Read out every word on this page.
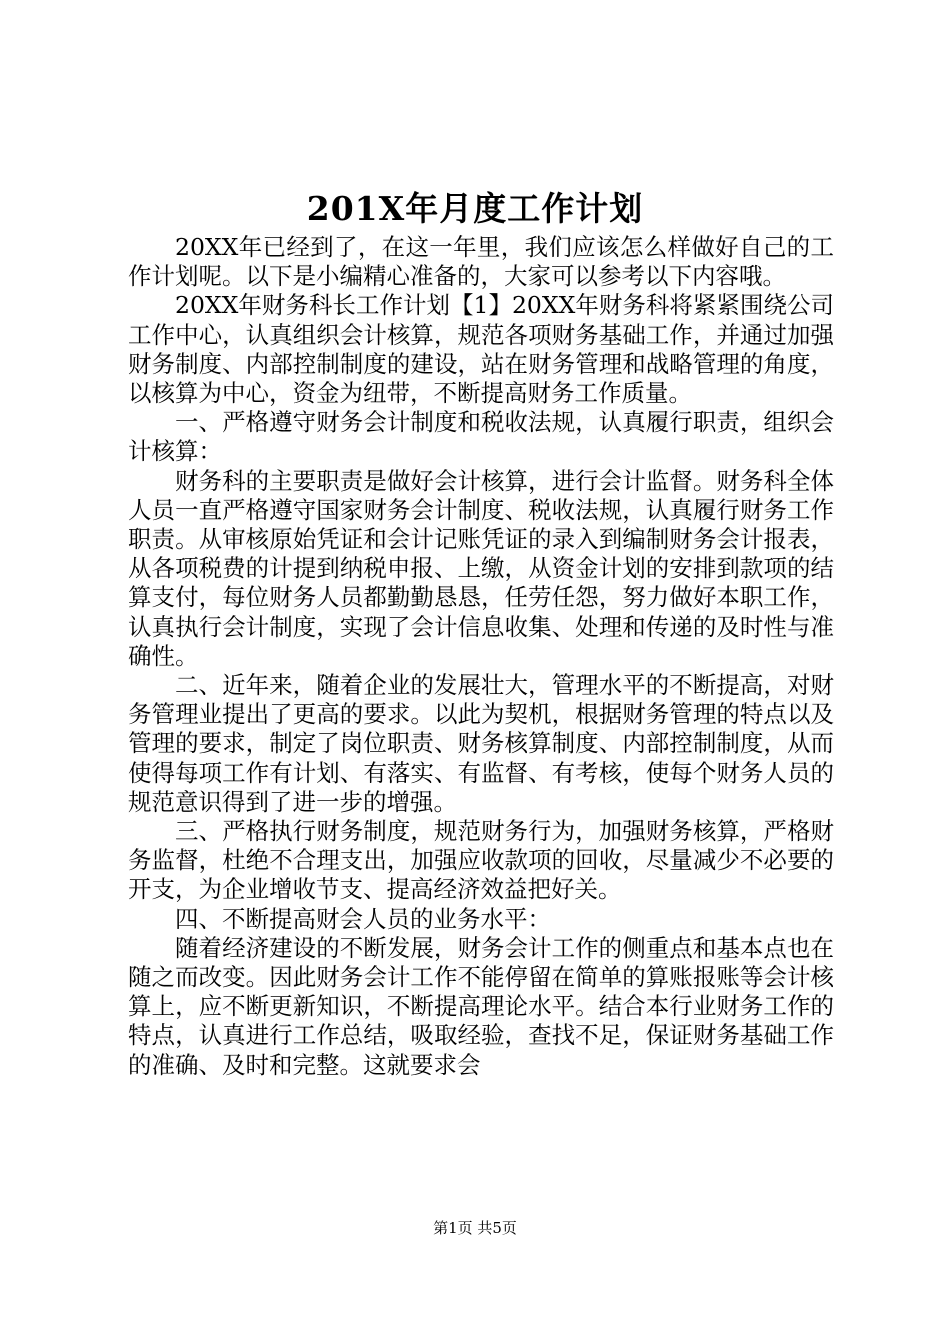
201X年月度工作计划

20XX年已经到了，在这一年里，我们应该怎么样做好自己的工作计划呢。以下是小编精心准备的，大家可以参考以下内容哦。

20XX年财务科长工作计划【1】20XX年财务科将紧紧围绕公司工作中心，认真组织会计核算，规范各项财务基础工作，并通过加强财务制度、内部控制制度的建设，站在财务管理和战略管理的角度，以核算为中心，资金为纽带，不断提高财务工作质量。

一、严格遵守财务会计制度和税收法规，认真履行职责，组织会计核算：

财务科的主要职责是做好会计核算，进行会计监督。财务科全体人员一直严格遵守国家财务会计制度、税收法规，认真履行财务工作职责。从审核原始凭证和会计记账凭证的录入到编制财务会计报表，从各项税费的计提到纳税申报、上缴，从资金计划的安排到款项的结算支付，每位财务人员都勤勤恳恳，任劳任怨，努力做好本职工作，认真执行会计制度，实现了会计信息收集、处理和传递的及时性与准确性。

二、近年来，随着企业的发展壮大，管理水平的不断提高，对财务管理业提出了更高的要求。以此为契机，根据财务管理的特点以及管理的要求，制定了岗位职责、财务核算制度、内部控制制度，从而使得每项工作有计划、有落实、有监督、有考核，使每个财务人员的规范意识得到了进一步的增强。

三、严格执行财务制度，规范财务行为，加强财务核算，严格财务监督，杜绝不合理支出，加强应收款项的回收，尽量减少不必要的开支，为企业增收节支、提高经济效益把好关。

四、不断提高财会人员的业务水平：

随着经济建设的不断发展，财务会计工作的侧重点和基本点也在随之而改变。因此财务会计工作不能停留在简单的算账报账等会计核算上，应不断更新知识，不断提高理论水平。结合本行业财务工作的特点，认真进行工作总结，吸取经验，查找不足，保证财务基础工作的准确、及时和完整。这就要求会

第1页 共5页
